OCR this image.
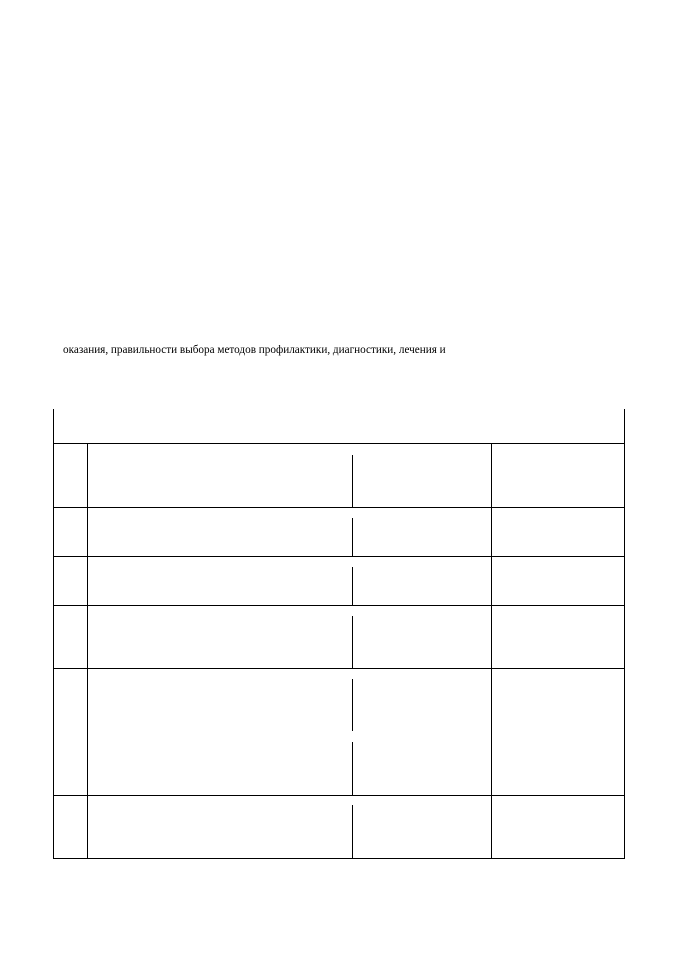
оказания, правильности выбора методов профилактики, диагностики, лечения и
